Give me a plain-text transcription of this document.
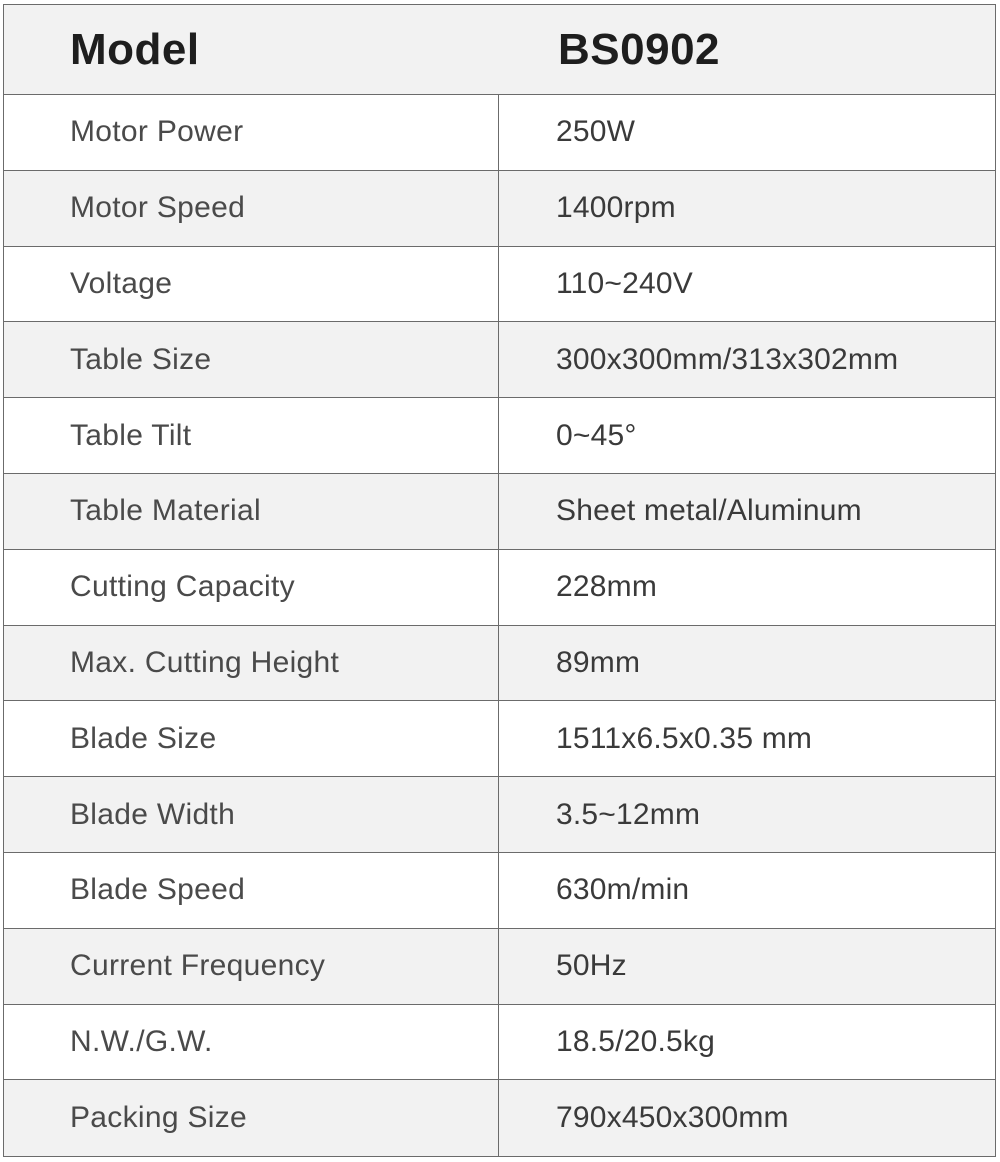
Model	BS0902
Motor Power	250W
Motor Speed	1400rpm
Voltage	110~240V
Table Size	300x300mm/313x302mm
Table Tilt	0~45°
Table Material	Sheet metal/Aluminum
Cutting Capacity	228mm
Max. Cutting Height	89mm
Blade Size	1511x6.5x0.35 mm
Blade Width	3.5~12mm
Blade Speed	630m/min
Current Frequency	50Hz
N.W./G.W.	18.5/20.5kg
Packing Size	790x450x300mm
